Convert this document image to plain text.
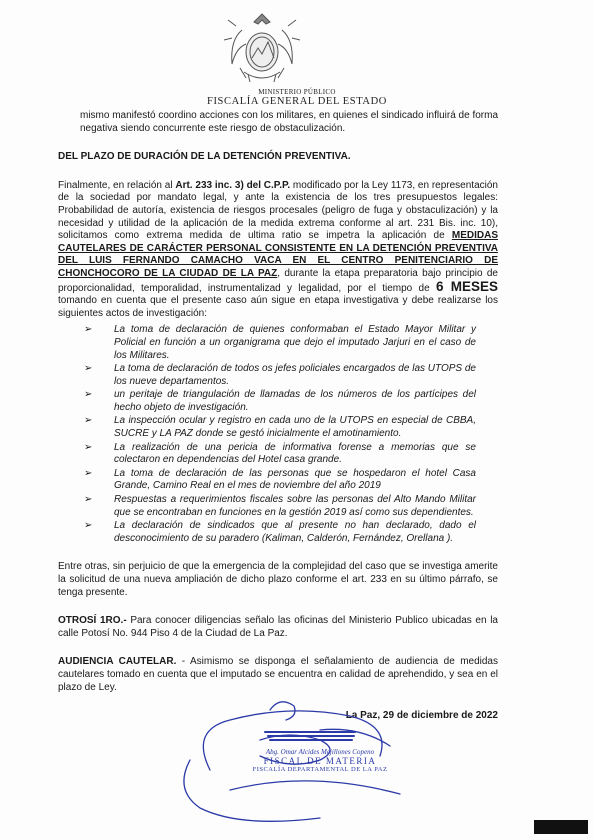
MINISTERIO PÚBLICO
FISCALÍA GENERAL DEL ESTADO

mismo manifestó coordino acciones con los militares, en quienes el sindicado influirá de forma negativa siendo concurrente este riesgo de obstaculización.

DEL PLAZO DE DURACIÓN DE LA DETENCIÓN PREVENTIVA.

Finalmente, en relación al Art. 233 inc. 3) del C.P.P. modificado por la Ley 1173, en representación de la sociedad por mandato legal, y ante la existencia de los tres presupuestos legales: Probabilidad de autoría, existencia de riesgos procesales (peligro de fuga y obstaculización) y la necesidad y utilidad de la aplicación de la medida extrema conforme al art. 231 Bis. inc. 10), solicitamos como extrema medida de ultima ratio se impetra la aplicación de MEDIDAS CAUTELARES DE CARÁCTER PERSONAL CONSISTENTE EN LA DETENCIÓN PREVENTIVA DEL LUIS FERNANDO CAMACHO VACA EN EL CENTRO PENITENCIARIO DE CHONCHOCORO DE LA CIUDAD DE LA PAZ, durante la etapa preparatoria bajo principio de proporcionalidad, temporalidad, instrumentalizad y legalidad, por el tiempo de 6 MESES tomando en cuenta que el presente caso aún sigue en etapa investigativa y debe realizarse los siguientes actos de investigación:

➢ La toma de declaración de quienes conformaban el Estado Mayor Militar y Policial en función a un organigrama que dejo el imputado Jarjuri en el caso de los Militares.
➢ La toma de declaración de todos os jefes policiales encargados de las UTOPS de los nueve departamentos.
➢ un peritaje de triangulación de llamadas de los números de los partícipes del hecho objeto de investigación.
➢ La inspección ocular y registro en cada uno de la UTOPS en especial de CBBA, SUCRE y LA PAZ donde se gestó inicialmente el amotinamiento.
➢ La realización de una pericia de informativa forense a memorias que se colectaron en dependencias del Hotel casa grande.
➢ La toma de declaración de las personas que se hospedaron el hotel Casa Grande, Camino Real en el mes de noviembre del año 2019
➢ Respuestas a requerimientos fiscales sobre las personas del Alto Mando Militar que se encontraban en funciones en la gestión 2019 así como sus dependientes.
➢ La declaración de sindicados que al presente no han declarado, dado el desconocimiento de su paradero (Kaliman, Calderón, Fernández, Orellana ).

Entre otras, sin perjuicio de que la emergencia de la complejidad del caso que se investiga amerite la solicitud de una nueva ampliación de dicho plazo conforme el art. 233 en su último párrafo, se tenga presente.

OTROSÍ 1RO.- Para conocer diligencias señalo las oficinas del Ministerio Publico ubicadas en la calle Potosí No. 944 Piso 4 de la Ciudad de La Paz.

AUDIENCIA CAUTELAR. - Asimismo se disponga el señalamiento de audiencia de medidas cautelares tomado en cuenta que el imputado se encuentra en calidad de aprehendido, y sea en el plazo de Ley.

La Paz, 29 de diciembre de 2022

Abg. Omar Alcides Mejillones Copeno
FISCAL DE MATERIA
FISCALÍA DEPARTAMENTAL DE LA PAZ
